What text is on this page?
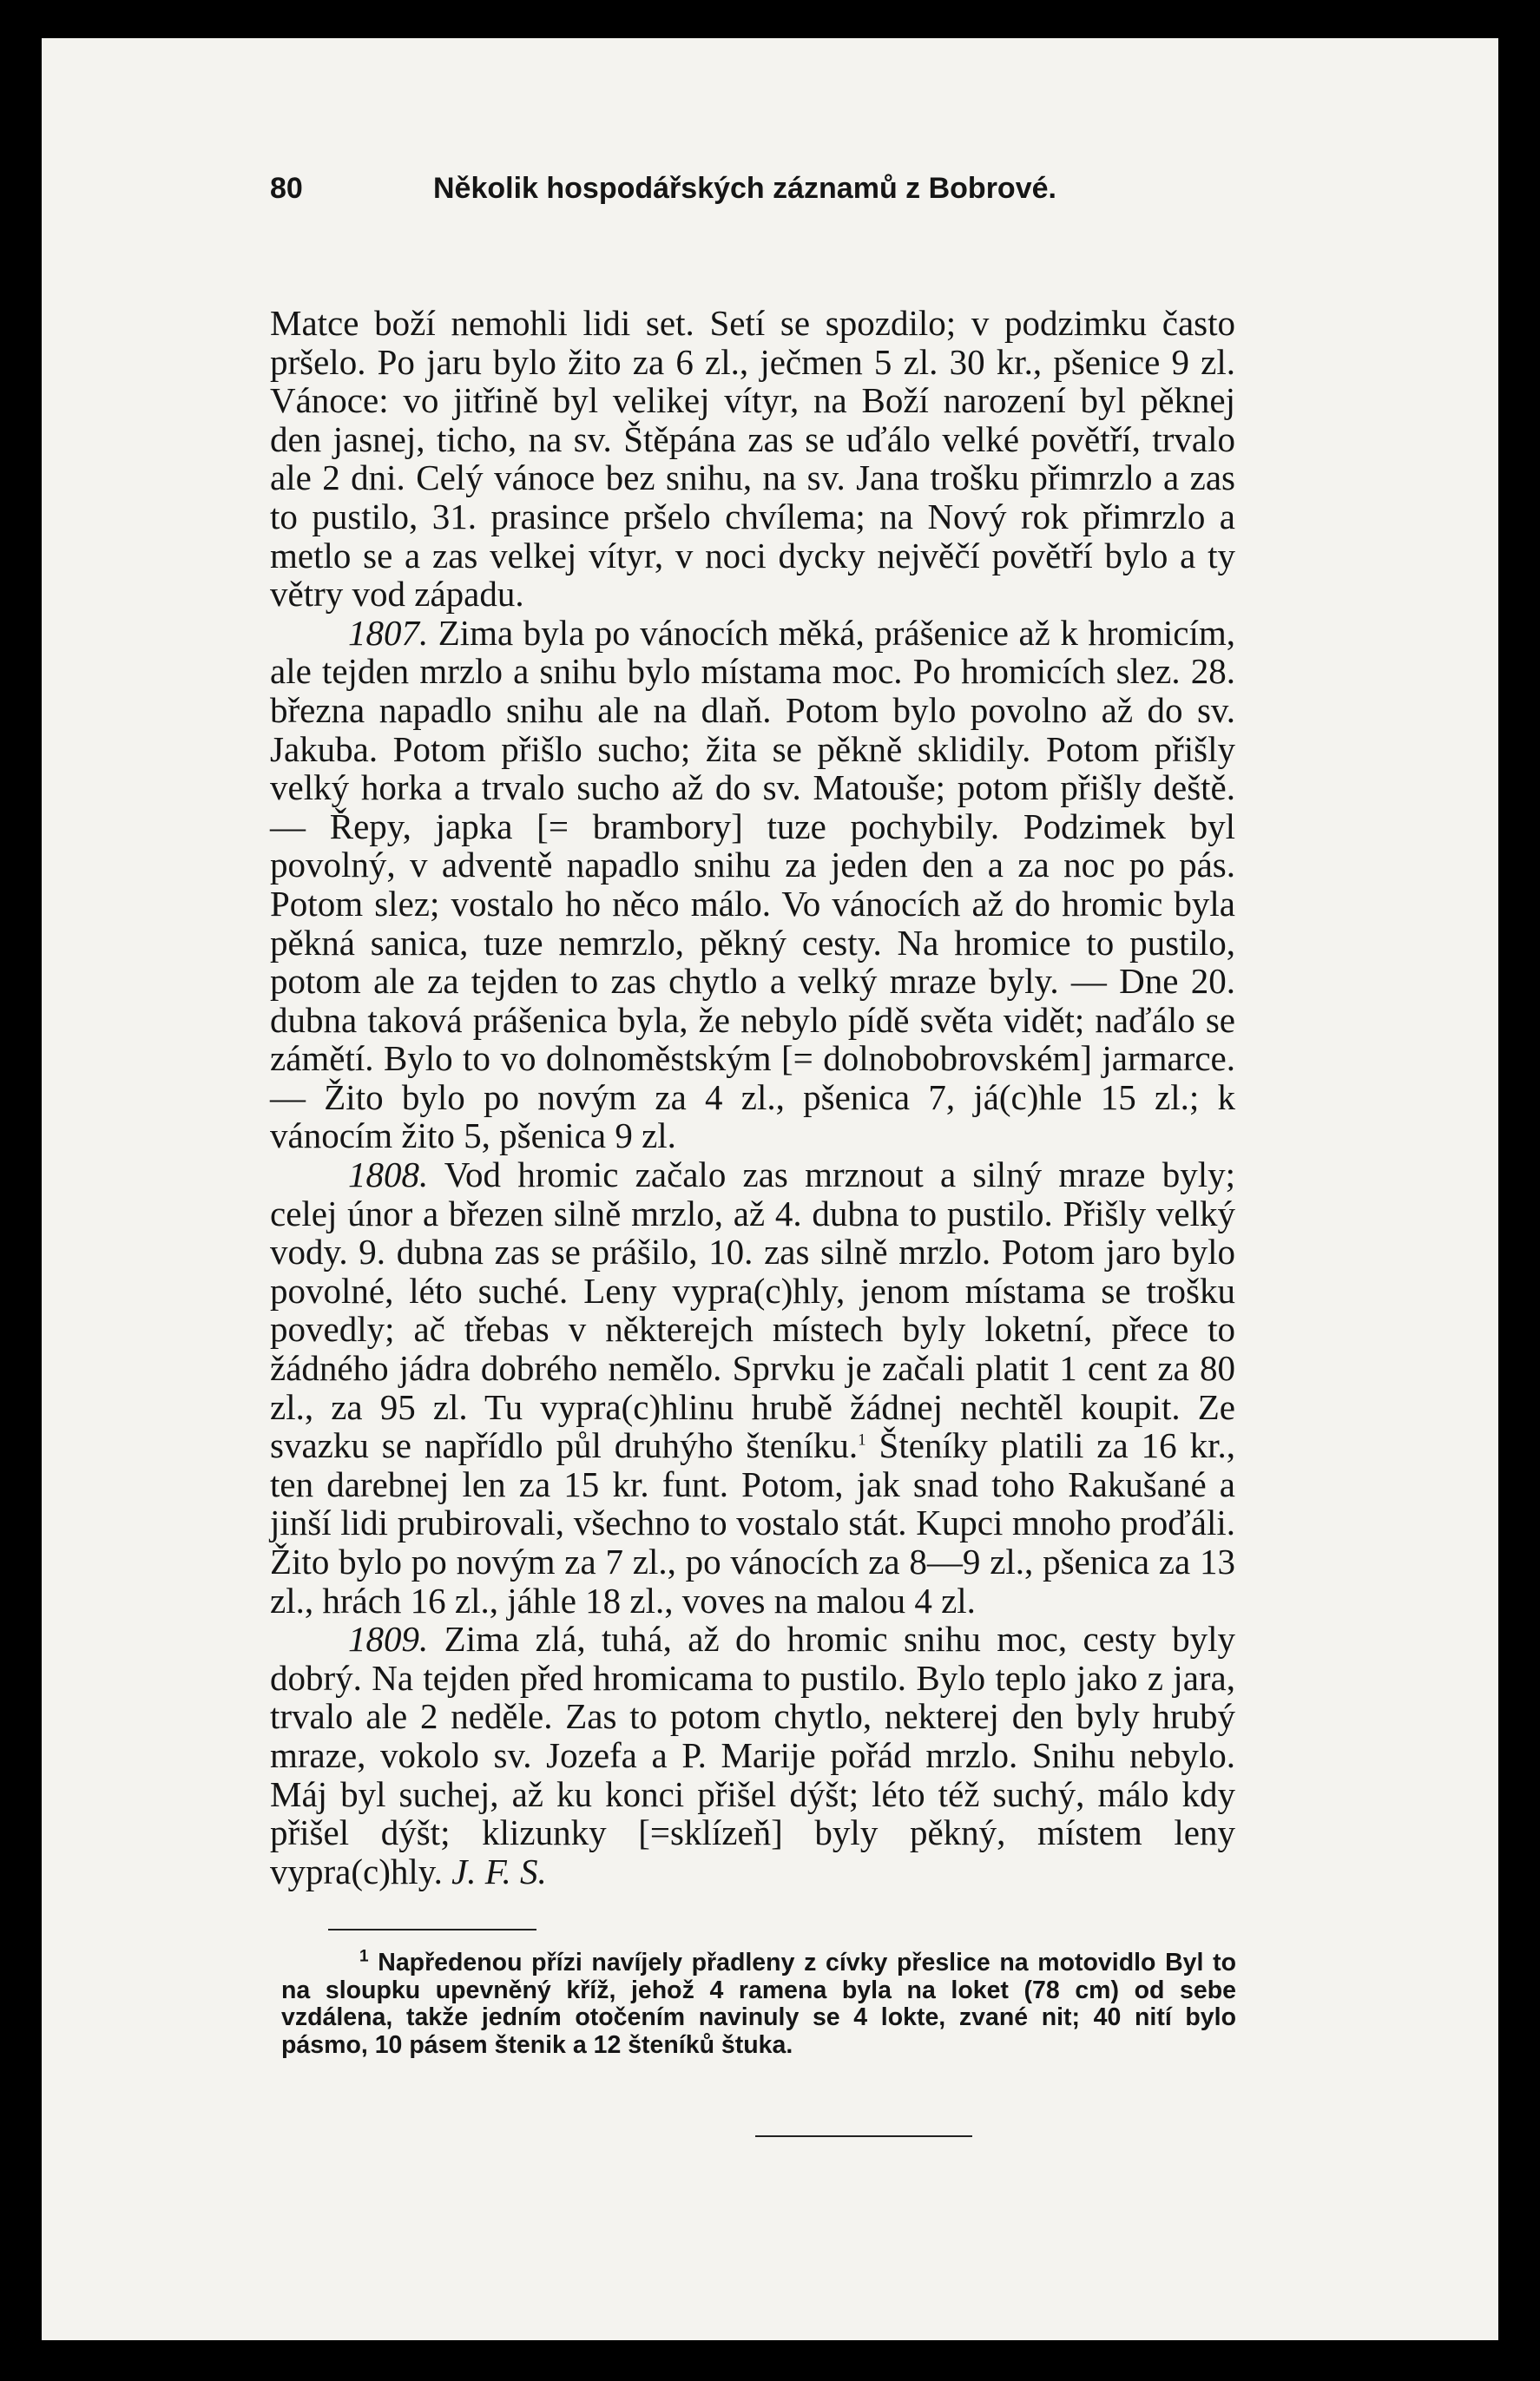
80	Několik hospodářských záznamů z Bobrové.

Matce boží nemohli lidi set. Setí se spozdilo; v podzimku často pršelo. Po jaru bylo žito za 6 zl., ječmen 5 zl. 30 kr., pšenice 9 zl. Vánoce: vo jitřině byl velikej vítyr, na Boží narození byl pěknej den jasnej, ticho, na sv. Štěpána zas se uďálo velké povětří, trvalo ale 2 dni. Celý vánoce bez snihu, na sv. Jana trošku přimrzlo a zas to pustilo, 31. prasince pršelo chvílema; na Nový rok přimrzlo a metlo se a zas velkej vítyr, v noci dycky nejvěčí povětří bylo a ty větry vod západu.

1807. Zima byla po vánocích měká, prášenice až k hromicím, ale tejden mrzlo a snihu bylo místama moc. Po hromicích slez. 28. března napadlo snihu ale na dlaň. Potom bylo povolno až do sv. Jakuba. Potom přišlo sucho; žita se pěkně sklidily. Potom přišly velký horka a trvalo sucho až do sv. Matouše; potom přišly deště. — Řepy, japka [= brambory] tuze pochybily. Podzimek byl povolný, v adventě napadlo snihu za jeden den a za noc po pás. Potom slez; vostalo ho něco málo. Vo vánocích až do hromic byla pěkná sanica, tuze nemrzlo, pěkný cesty. Na hromice to pustilo, potom ale za tejden to zas chytlo a velký mraze byly. — Dne 20. dubna taková prášenica byla, že nebylo pídě světa vidět; naďálo se zámětí. Bylo to vo dolnoměstským [= dolnobobrovském] jarmarce. — Žito bylo po novým za 4 zl., pšenica 7, já(c)hle 15 zl.; k vánocím žito 5, pšenica 9 zl.

1808. Vod hromic začalo zas mrznout a silný mraze byly; celej únor a březen silně mrzlo, až 4. dubna to pustilo. Přišly velký vody. 9. dubna zas se prášilo, 10. zas silně mrzlo. Potom jaro bylo povolné, léto suché. Leny vypra(c)hly, jenom místama se trošku povedly; ač třebas v některejch místech byly loketní, přece to žádného jádra dobrého nemělo. Sprvku je začali platit 1 cent za 80 zl., za 95 zl. Tu vypra(c)hlinu hrubě žádnej nechtěl koupit. Ze svazku se napřídlo půl druhýho šteníku.$^1$ Šteníky platili za 16 kr., ten darebnej len za 15 kr. funt. Potom, jak snad toho Rakušané a jinší lidi prubirovali, všechno to vostalo stát. Kupci mnoho proďáli. Žito bylo po novým za 7 zl., po vánocích za 8—9 zl., pšenica za 13 zl., hrách 16 zl., jáhle 18 zl., voves na malou 4 zl.

1809. Zima zlá, tuhá, až do hromic snihu moc, cesty byly dobrý. Na tejden před hromicama to pustilo. Bylo teplo jako z jara, trvalo ale 2 neděle. Zas to potom chytlo, nekterej den byly hrubý mraze, vokolo sv. Jozefa a P. Marije pořád mrzlo. Snihu nebylo. Máj byl suchej, až ku konci přišel dýšt; léto též suchý, málo kdy přišel dýšt; klizunky [=sklízeň] byly pěkný, místem leny vypra(c)hly. J. F. S.

$^1$ Napředenou přízi navíjely přadleny z cívky přeslice na motovidlo Byl to na sloupku upevněný kříž, jehož 4 ramena byla na loket (78 cm) od sebe vzdálena, takže jedním otočením navinuly se 4 lokte, zvané nit; 40 nití bylo pásmo, 10 pásem štenik a 12 šteníků štuka.
